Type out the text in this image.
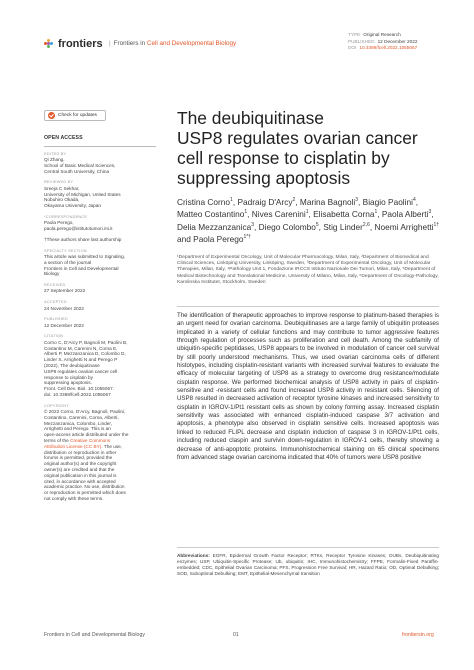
frontiers	| Frontiers in Cell and Developmental Biology
TYPE Original Research
PUBLISHED 12 December 2022
DOI 10.3389/fcell.2022.1055067
Check for updates
OPEN ACCESS
EDITED BY
Qi Zhang,
School of Basic Medical Sciences,
Central South University, China
REVIEWED BY
Sreeja C Sekhar,
University of Michigan, United States
Nobuhiro Okada,
Okayama University, Japan
*CORRESPONDENCE
Paola Perego,
paola.perego@istitutotumori.mi.it
†These authors share last authorship
SPECIALTY SECTION
This article was submitted to Signaling,
a section of the journal
Frontiers in Cell and Developmental
Biology
RECEIVED
27 September 2022
ACCEPTED
24 November 2022
PUBLISHED
12 December 2022
CITATION
Corno C, D'Arcy P, Bagnoli M, Paolini B,
Costantino M, Carenini N, Corna E,
Alberti P, Mezzanzanica D, Colombo D,
Linder S, Arrighetti N and Perego P
(2022), The deubiquitinase
USP8 regulates ovarian cancer cell
response to cisplatin by
suppressing apoptosis.
Front. Cell Dev. Biol. 10:1055067.
doi: 10.3389/fcell.2022.1055067
COPYRIGHT
© 2022 Corno, D'Arcy, Bagnoli, Paolini,
Costantino, Carenini, Corna, Alberti,
Mezzanzanica, Colombo, Linder,
Arrighetti and Perego. This is an
open-access article distributed under the
terms of the Creative Commons
Attribution License (CC BY). The use,
distribution or reproduction in other
forums is permitted, provided the
original author(s) and the copyright
owner(s) are credited and that the
original publication in this journal is
cited, in accordance with accepted
academic practice. No use, distribution
or reproduction is permitted which does
not comply with these terms.
The deubiquitinase
USP8 regulates ovarian cancer
cell response to cisplatin by
suppressing apoptosis
Cristina Corno$^1$, Padraig D'Arcy$^2$, Marina Bagnoli$^3$, Biagio Paolini$^4$, Matteo Costantino$^1$, Nives Carenini$^1$, Elisabetta Corna$^1$, Paola Alberti$^3$, Delia Mezzanzanica$^3$, Diego Colombo$^5$, Stig Linder$^{2,6}$, Noemi Arrighetti$^{1\dagger}$ and Paola Perego$^{1*\dagger}$
¹Department of Experimental Oncology, Unit of Molecular Pharmacology, Milan, Italy, ²Department of Biomedical and Clinical Sciences, Linköping University, Linköping, Sweden, ³Department of Experimental Oncology, Unit of Molecular Therapies, Milan, Italy, ⁴Pathology Unit 1, Fondazione IRCCS Istituto Nazionale Dei Tumori, Milan, Italy, ⁵Department of Medical Biotechnology and Translational Medicine, University of Milano, Milan, Italy, ⁶Department of Oncology-Pathology, Karolinska Institutet, Stockholm, Sweden
The identification of therapeutic approaches to improve response to platinum-based therapies is an urgent need for ovarian carcinoma. Deubiquitinases are a large family of ubiquitin proteases implicated in a variety of cellular functions and may contribute to tumor aggressive features through regulation of processes such as proliferation and cell death. Among the subfamily of ubiquitin-specific peptidases, USP8 appears to be involved in modulation of cancer cell survival by still poorly understood mechanisms. Thus, we used ovarian carcinoma cells of different histotypes, including cisplatin-resistant variants with increased survival features to evaluate the efficacy of molecular targeting of USP8 as a strategy to overcome drug resistance/modulate cisplatin response. We performed biochemical analysis of USP8 activity in pairs of cisplatin-sensitive and -resistant cells and found increased USP8 activity in resistant cells. Silencing of USP8 resulted in decreased activation of receptor tyrosine kinases and increased sensitivity to cisplatin in IGROV-1/Pt1 resistant cells as shown by colony forming assay. Increased cisplatin sensitivity was associated with enhanced cisplatin-induced caspase 3/7 activation and apoptosis, a phenotype also observed in cisplatin sensitive cells. Increased apoptosis was linked to reduced FLIPL decrease and cisplatin induction of caspase 3 in IGROV-1/Pt1 cells, including reduced claspin and survivin down-regulation in IGROV-1 cells, thereby showing a decrease of anti-apoptotic proteins. Immunohistochemical staining on 65 clinical specimens from advanced stage ovarian carcinoma indicated that 40% of tumors were USP8 positive
Abbreviations: EGFR, Epidermal Growth Factor Receptor; RTKs, Receptor Tyrosine Kinases; DUBs, Deubiquitinating enzymes; USP, Ubiquitin-Specific Protease; Ub, ubiquitin; IHC, Immunohistochemistry; FFPE, Formalin-Fixed Paraffin-embedded; CDC, Epithelial Ovarian Carcinoma; PFS, Progression Free Survival; HR, Hazard Ratio; OD, Optimal Debulking; SOD, Suboptimal Debulking; EMT, Epithelial-Mesenchymal transition
Frontiers in Cell and Developmental Biology	01	frontiersin.org
